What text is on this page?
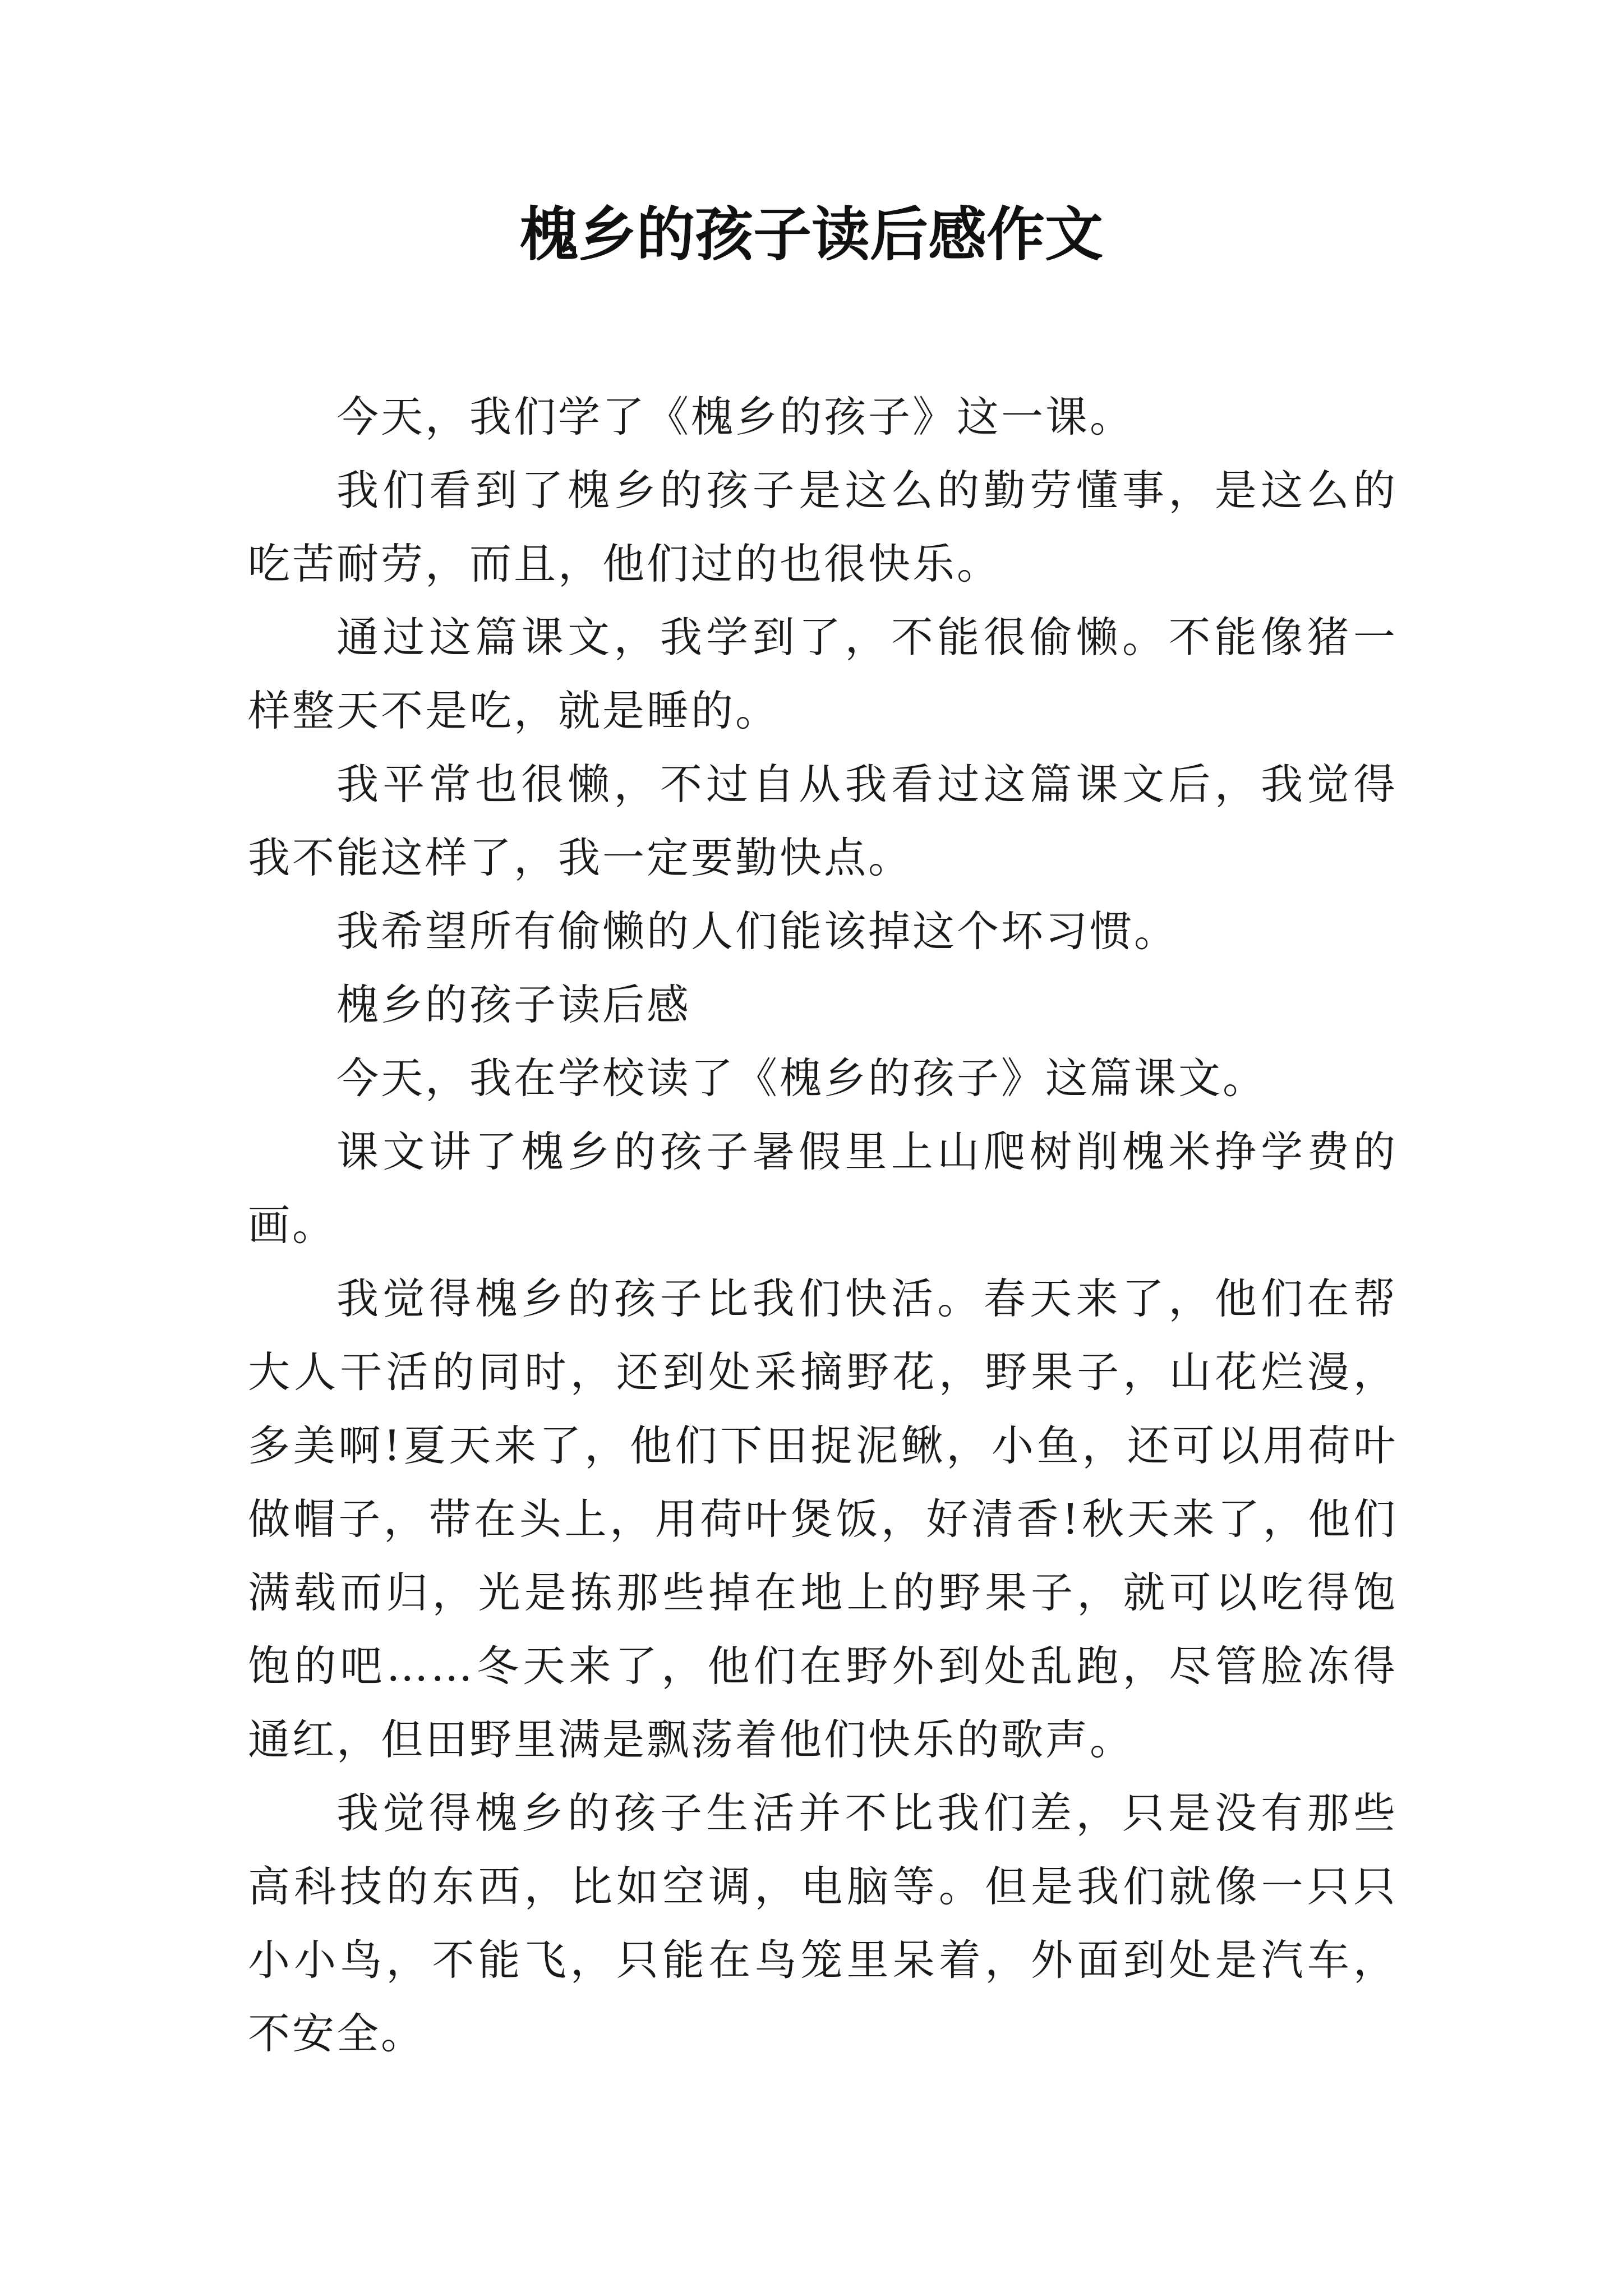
槐乡的孩子读后感作文

今天，我们学了《槐乡的孩子》这一课。

我们看到了槐乡的孩子是这么的勤劳懂事，是这么的吃苦耐劳，而且，他们过的也很快乐。

通过这篇课文，我学到了，不能很偷懒。不能像猪一样整天不是吃，就是睡的。

我平常也很懒，不过自从我看过这篇课文后，我觉得我不能这样了，我一定要勤快点。

我希望所有偷懒的人们能该掉这个坏习惯。

槐乡的孩子读后感

今天，我在学校读了《槐乡的孩子》这篇课文。

课文讲了槐乡的孩子暑假里上山爬树削槐米挣学费的画。

我觉得槐乡的孩子比我们快活。春天来了，他们在帮大人干活的同时，还到处采摘野花，野果子，山花烂漫，多美啊!夏天来了，他们下田捉泥鳅，小鱼，还可以用荷叶做帽子，带在头上，用荷叶煲饭，好清香!秋天来了，他们满载而归，光是拣那些掉在地上的野果子，就可以吃得饱饱的吧……冬天来了，他们在野外到处乱跑，尽管脸冻得通红，但田野里满是飘荡着他们快乐的歌声。

我觉得槐乡的孩子生活并不比我们差，只是没有那些高科技的东西，比如空调，电脑等。但是我们就像一只只小小鸟，不能飞，只能在鸟笼里呆着，外面到处是汽车，不安全。
